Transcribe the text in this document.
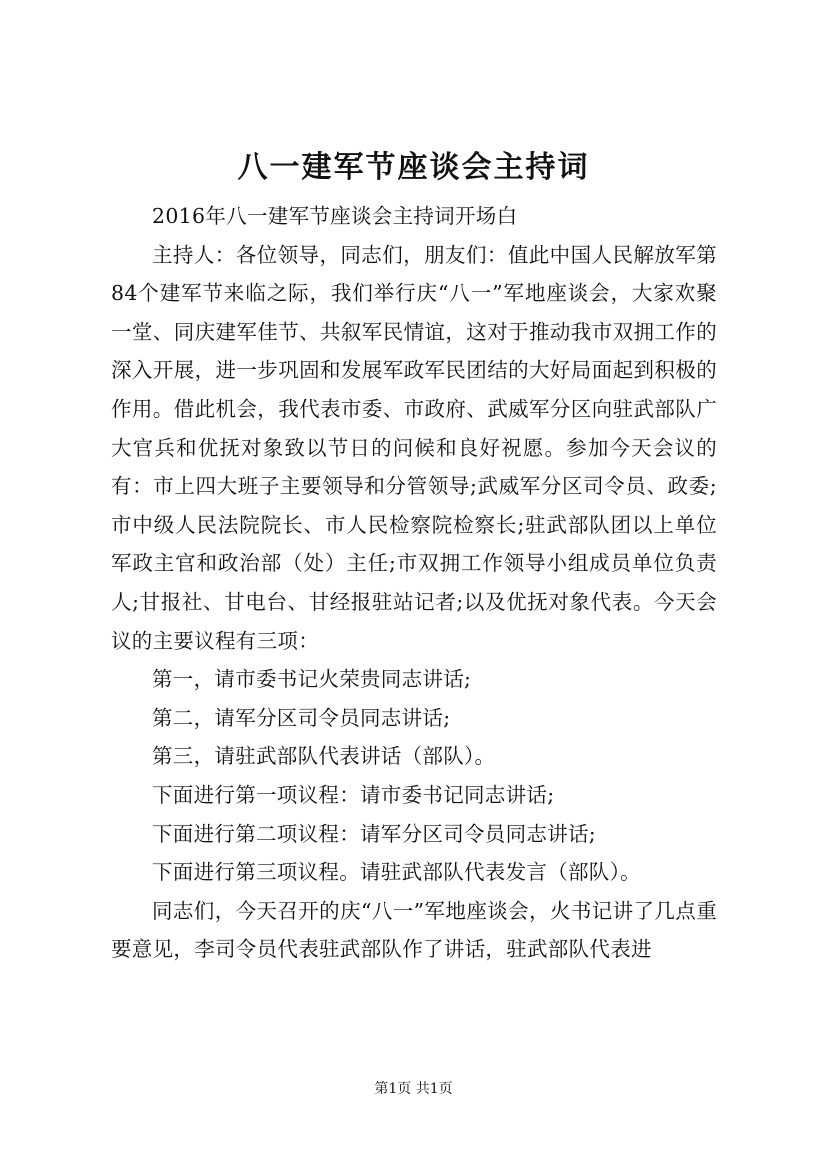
八一建军节座谈会主持词

2016年八一建军节座谈会主持词开场白

主持人：各位领导，同志们，朋友们：值此中国人民解放军第84个建军节来临之际，我们举行庆“八一”军地座谈会，大家欢聚一堂、同庆建军佳节、共叙军民情谊，这对于推动我市双拥工作的深入开展，进一步巩固和发展军政军民团结的大好局面起到积极的作用。借此机会，我代表市委、市政府、武威军分区向驻武部队广大官兵和优抚对象致以节日的问候和良好祝愿。参加今天会议的有：市上四大班子主要领导和分管领导;武威军分区司令员、政委;市中级人民法院院长、市人民检察院检察长;驻武部队团以上单位军政主官和政治部（处）主任;市双拥工作领导小组成员单位负责人;甘报社、甘电台、甘经报驻站记者;以及优抚对象代表。今天会议的主要议程有三项：

第一，请市委书记火荣贵同志讲话;

第二，请军分区司令员同志讲话;

第三，请驻武部队代表讲话（部队）。

下面进行第一项议程：请市委书记同志讲话;

下面进行第二项议程：请军分区司令员同志讲话;

下面进行第三项议程。请驻武部队代表发言（部队）。

同志们，今天召开的庆“八一”军地座谈会，火书记讲了几点重要意见，李司令员代表驻武部队作了讲话，驻武部队代表进

第1页 共1页
